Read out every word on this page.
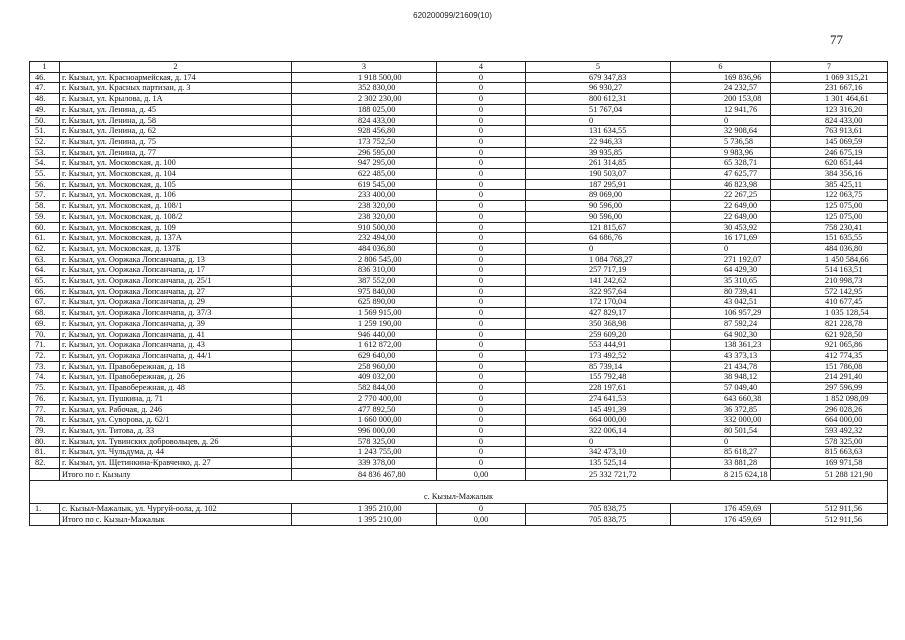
620200099/21609(10)
77
1	2	3	4	5	6	7
46.	г. Кызыл, ул. Красноармейская, д. 174	1 918 500,00	0	679 347,83	169 836,96	1 069 315,21
47.	г. Кызыл, ул. Красных партизан, д. 3	352 830,00	0	96 930,27	24 232,57	231 667,16
48.	г. Кызыл, ул. Крылова, д. 1А	2 302 230,00	0	800 612,31	200 153,08	1 301 464,61
49.	г. Кызыл, ул. Ленина, д. 45	188 025,00	0	51 767,04	12 941,76	123 316,20
50.	г. Кызыл, ул. Ленина, д. 58	824 433,00	0	0	0	824 433,00
51.	г. Кызыл, ул. Ленина, д. 62	928 456,80	0	131 634,55	32 908,64	763 913,61
52.	г. Кызыл, ул. Ленина, д. 75	173 752,50	0	22 946,33	5 736,58	145 069,59
53.	г. Кызыл, ул. Ленина, д. 77	296 595,00	0	39 935,85	9 983,96	246 675,19
54.	г. Кызыл, ул. Московская, д. 100	947 295,00	0	261 314,85	65 328,71	620 651,44
55.	г. Кызыл, ул. Московская, д. 104	622 485,00	0	190 503,07	47 625,77	384 356,16
56.	г. Кызыл, ул. Московская, д. 105	619 545,00	0	187 295,91	46 823,98	385 425,11
57.	г. Кызыл, ул. Московская, д. 106	233 400,00	0	89 069,00	22 267,25	122 063,75
58.	г. Кызыл, ул. Московская, д. 108/1	238 320,00	0	90 596,00	22 649,00	125 075,00
59.	г. Кызыл, ул. Московская, д. 108/2	238 320,00	0	90 596,00	22 649,00	125 075,00
60.	г. Кызыл, ул. Московская, д. 109	910 500,00	0	121 815,67	30 453,92	758 230,41
61.	г. Кызыл, ул. Московская, д. 137А	232 494,00	0	64 686,76	16 171,69	151 635,55
62.	г. Кызыл, ул. Московская, д. 137Б	484 036,80	0	0	0	484 036,80
63.	г. Кызыл, ул. Ооржака Лопсанчапа, д. 13	2 806 545,00	0	1 084 768,27	271 192,07	1 450 584,66
64.	г. Кызыл, ул. Ооржака Лопсанчапа, д. 17	836 310,00	0	257 717,19	64 429,30	514 163,51
65.	г. Кызыл, ул. Ооржака Лопсанчапа, д. 25/1	387 552,00	0	141 242,62	35 310,65	210 998,73
66.	г. Кызыл, ул. Ооржака Лопсанчапа, д. 27	975 840,00	0	322 957,64	80 739,41	572 142,95
67.	г. Кызыл, ул. Ооржака Лопсанчапа, д. 29	625 890,00	0	172 170,04	43 042,51	410 677,45
68.	г. Кызыл, ул. Ооржака Лопсанчапа, д. 37/3	1 569 915,00	0	427 829,17	106 957,29	1 035 128,54
69.	г. Кызыл, ул. Ооржака Лопсанчапа, д. 39	1 259 190,00	0	350 368,98	87 592,24	821 228,78
70.	г. Кызыл, ул. Ооржака Лопсанчапа, д. 41	946 440,00	0	259 609,20	64 902,30	621 928,50
71.	г. Кызыл, ул. Ооржака Лопсанчапа, д. 43	1 612 872,00	0	553 444,91	138 361,23	921 065,86
72.	г. Кызыл, ул. Ооржака Лопсанчапа, д. 44/1	629 640,00	0	173 492,52	43 373,13	412 774,35
73.	г. Кызыл, ул. Правобережная, д. 18	258 960,00	0	85 739,14	21 434,78	151 786,08
74.	г. Кызыл, ул. Правобережная, д. 26	409 032,00	0	155 792,48	38 948,12	214 291,40
75.	г. Кызыл, ул. Правобережная, д. 48	582 844,00	0	228 197,61	57 049,40	297 596,99
76.	г. Кызыл, ул. Пушкина, д. 71	2 770 400,00	0	274 641,53	643 660,38	1 852 098,09
77.	г. Кызыл, ул. Рабочая, д. 246	477 892,50	0	145 491,39	36 372,85	296 028,26
78.	г. Кызыл, ул. Суворова, д. 62/1	1 660 000,00	0	664 000,00	332 000,00	664 000,00
79.	г. Кызыл, ул. Титова, д. 33	996 000,00	0	322 006,14	80 501,54	593 492,32
80.	г. Кызыл, ул. Тувинских добровольцев, д. 26	578 325,00	0	0	0	578 325,00
81.	г. Кызыл, ул. Чульдума, д. 44	1 243 755,00	0	342 473,10	85 618,27	815 663,63
82.	г. Кызыл, ул. Щетинкина-Кравченко, д. 27	339 378,00	0	135 525,14	33 881,28	169 971,58
	Итого по г. Кызылу	84 836 467,80	0,00	25 332 721,72	8 215 624,18	51 288 121,90
с. Кызыл-Мажалык						
1.	с. Кызыл-Мажалык, ул. Чургуй-оола, д. 102	1 395 210,00	0	705 838,75	176 459,69	512 911,56
	Итого по с. Кызыл-Мажалык	1 395 210,00	0,00	705 838,75	176 459,69	512 911,56
